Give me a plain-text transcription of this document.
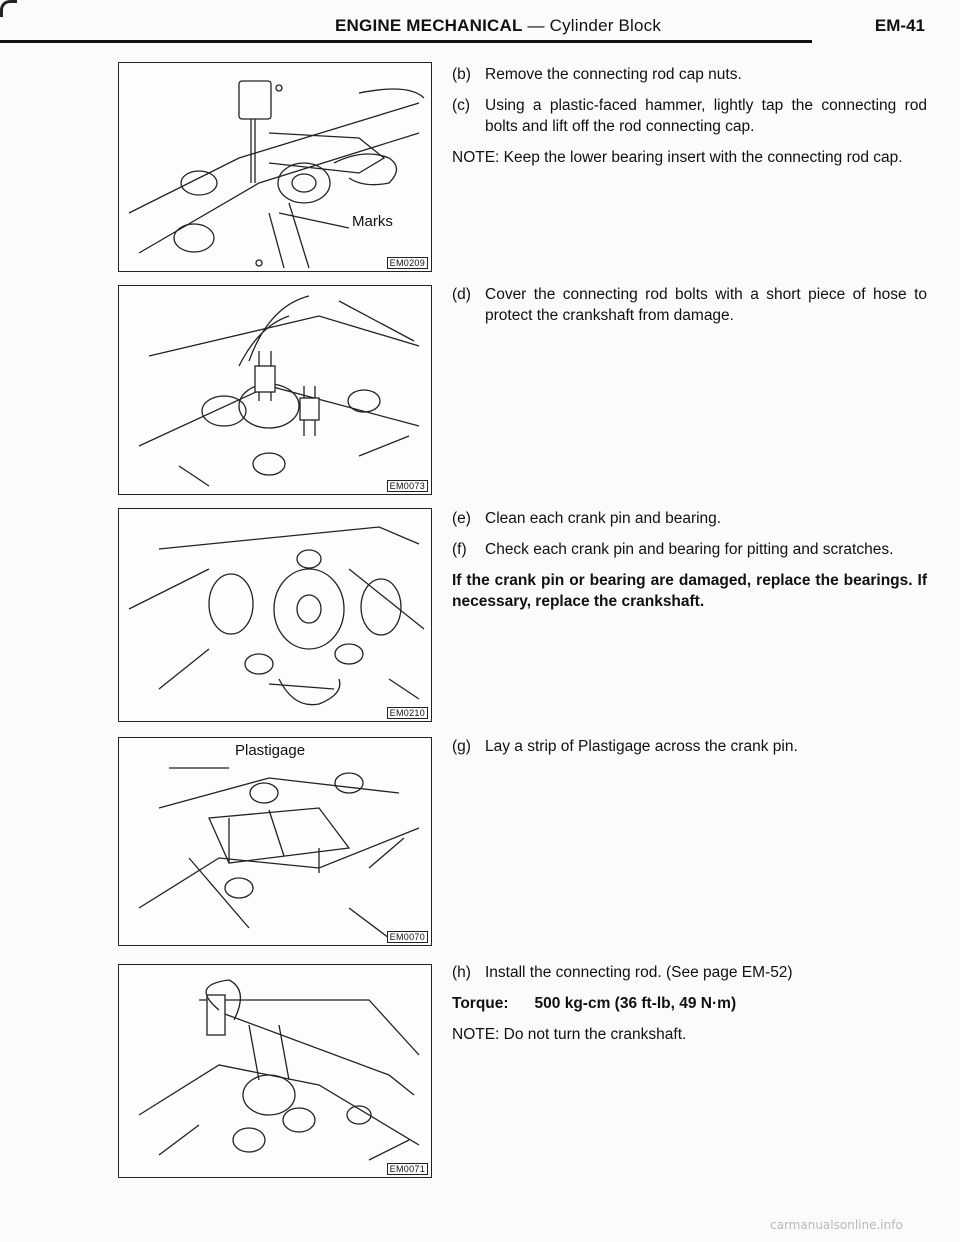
ENGINE MECHANICAL — Cylinder Block	EM-41
Marks
EM0209
EM0073
EM0210
Plastigage
EM0070
EM0071
(b) Remove the connecting rod cap nuts.
(c) Using a plastic-faced hammer, lightly tap the connecting rod bolts and lift off the rod connecting cap.
NOTE: Keep the lower bearing insert with the connecting rod cap.
(d) Cover the connecting rod bolts with a short piece of hose to protect the crankshaft from damage.
(e) Clean each crank pin and bearing.
(f)	Check each crank pin and bearing for pitting and scratches.
If the crank pin or bearing are damaged, replace the bearings. If necessary, replace the crankshaft.
(g) Lay a strip of Plastigage across the crank pin.
(h) Install the connecting rod. (See page EM-52)
Torque: 500 kg-cm (36 ft-lb, 49 N·m)
NOTE: Do not turn the crankshaft.
carmanualsonline.info
